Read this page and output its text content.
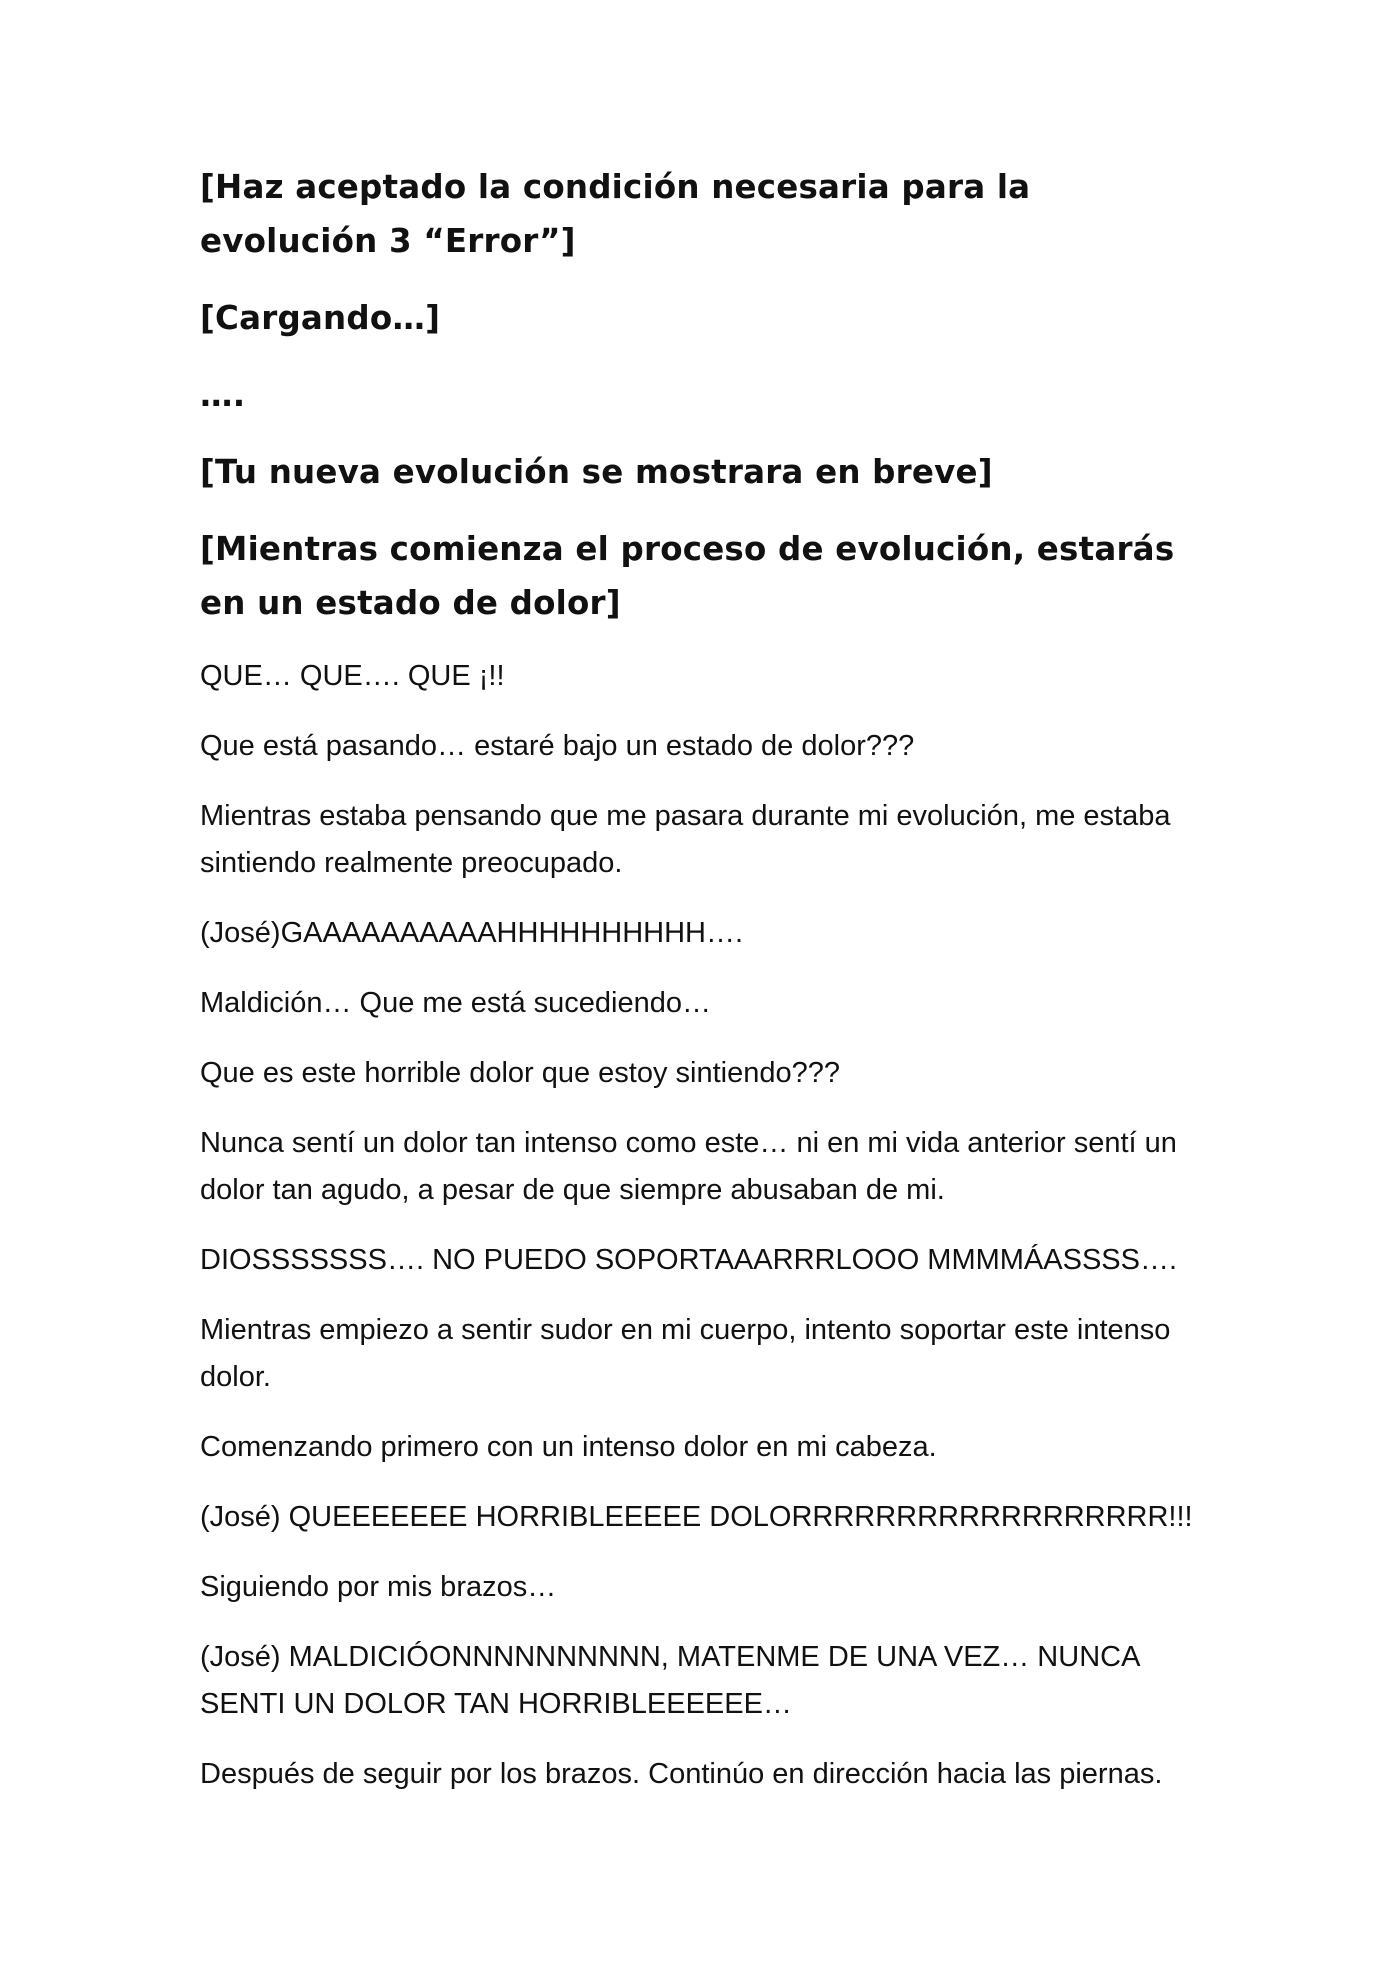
[Haz aceptado la condición necesaria para la evolución 3 “Error”]

[Cargando…]

….

[Tu nueva evolución se mostrara en breve]

[Mientras comienza el proceso de evolución, estarás en un estado de dolor]

QUE… QUE…. QUE ¡!!

Que está pasando… estaré bajo un estado de dolor???

Mientras estaba pensando que me pasara durante mi evolución, me estaba sintiendo realmente preocupado.

(José)GAAAAAAAAAAHHHHHHHHHH….

Maldición… Que me está sucediendo…

Que es este horrible dolor que estoy sintiendo???

Nunca sentí un dolor tan intenso como este… ni en mi vida anterior sentí un dolor tan agudo, a pesar de que siempre abusaban de mi.

DIOSSSSSSS…. NO PUEDO SOPORTAAARRRLOOO MMMMÁASSSS….

Mientras empiezo a sentir sudor en mi cuerpo, intento soportar este intenso dolor.

Comenzando primero con un intenso dolor en mi cabeza.

(José) QUEEEEEEE HORRIBLEEEEE DOLORRRRRRRRRRRRRRRRRR!!!

Siguiendo por mis brazos…

(José) MALDICIÓONNNNNNNNNN, MATENME DE UNA VEZ… NUNCA SENTI UN DOLOR TAN HORRIBLEEEEEE…

Después de seguir por los brazos. Continúo en dirección hacia las piernas.
